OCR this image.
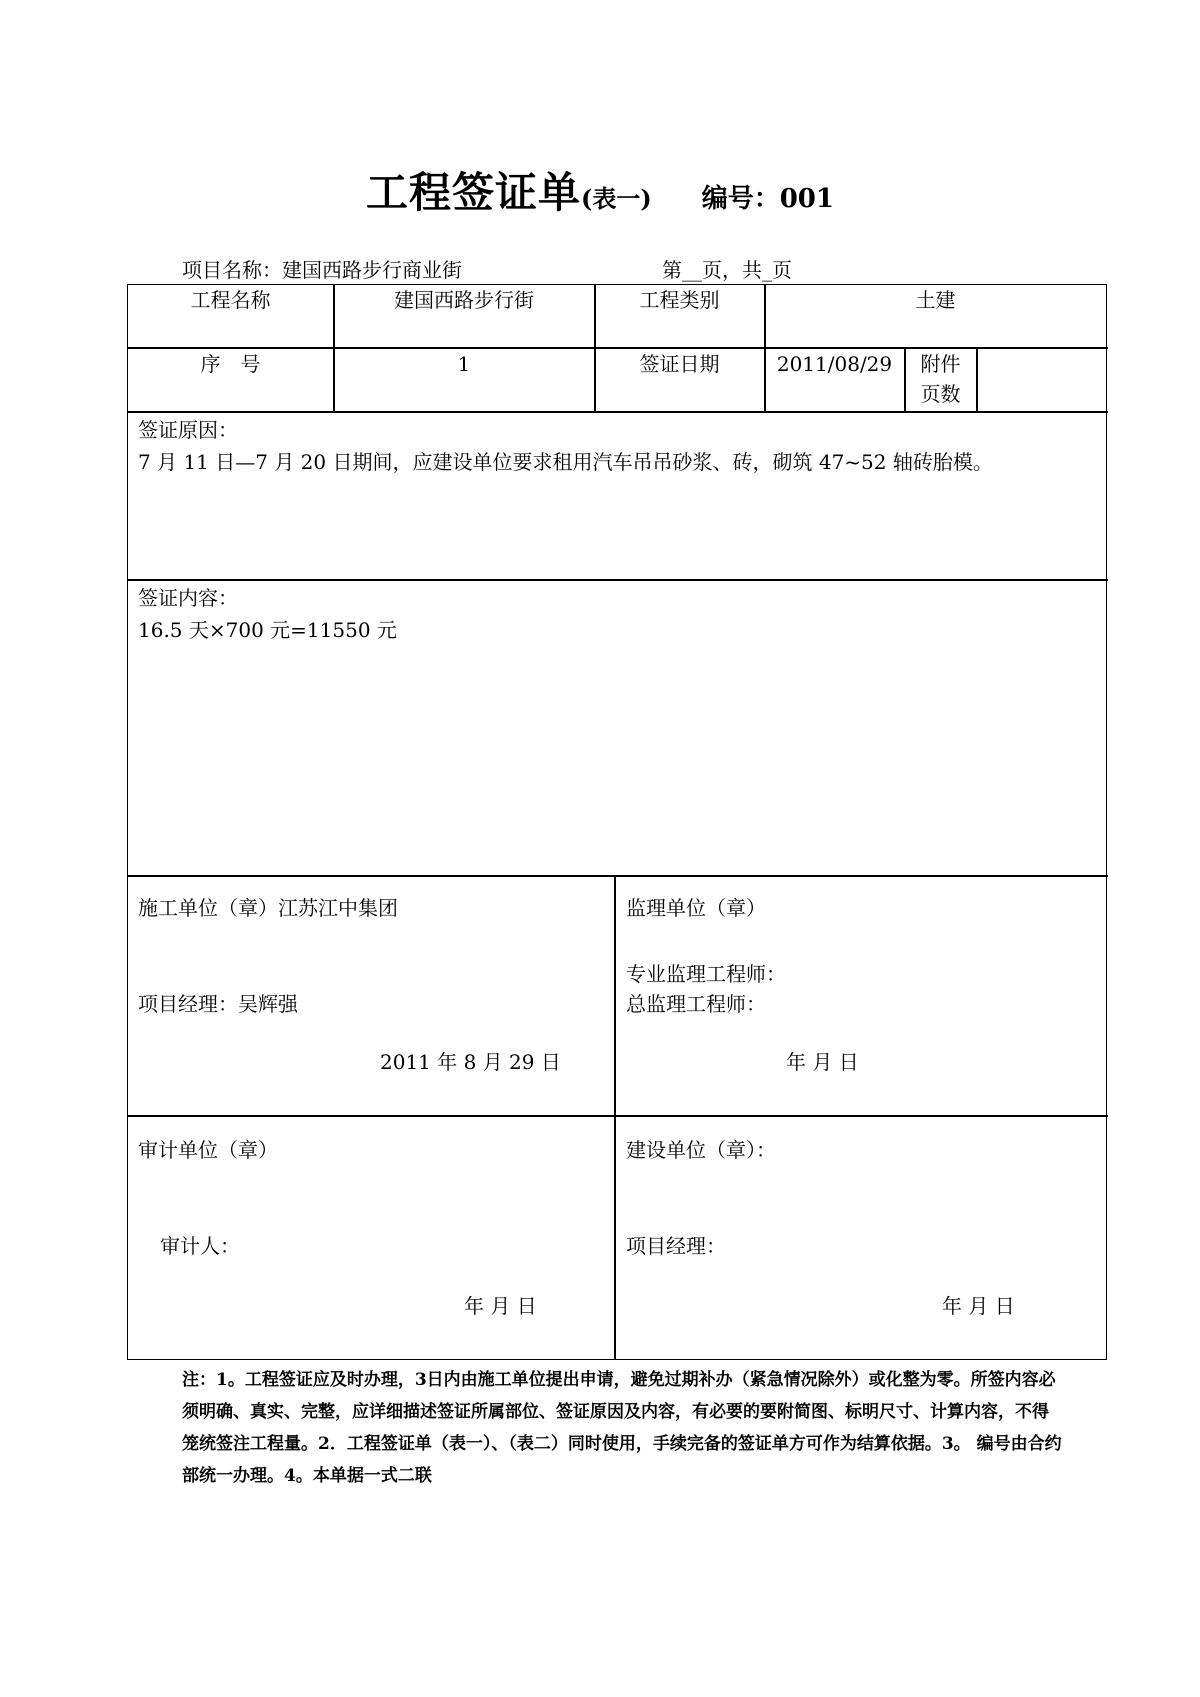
工程签证单(表一) 编号：001
项目名称：建国西路步行商业街	第__页，共_页
工程名称	建国西路步行街	工程类别	土建
序　号	1	签证日期	2011/08/29	附件
页数
签证原因：
7 月 11 日—7 月 20 日期间，应建设单位要求租用汽车吊吊砂浆、砖，砌筑 47~52 轴砖胎模。
签证内容：
16.5 天×700 元=11550 元
施工单位（章）江苏江中集团
项目经理：吴辉强
2011 年 8 月 29 日
监理单位（章）
专业监理工程师：
总监理工程师：
年 月 日
审计单位（章）
审计人：
年 月 日
建设单位（章）：
项目经理：
年 月 日
注：1。工程签证应及时办理，3日内由施工单位提出申请，避免过期补办（紧急情况除外）或化整为零。所签内容必须明确、真实、完整，应详细描述签证所属部位、签证原因及内容，有必要的要附简图、标明尺寸、计算内容，不得笼统签注工程量。2．工程签证单（表一）、（表二）同时使用，手续完备的签证单方可作为结算依据。3。 编号由合约部统一办理。4。本单据一式二联
